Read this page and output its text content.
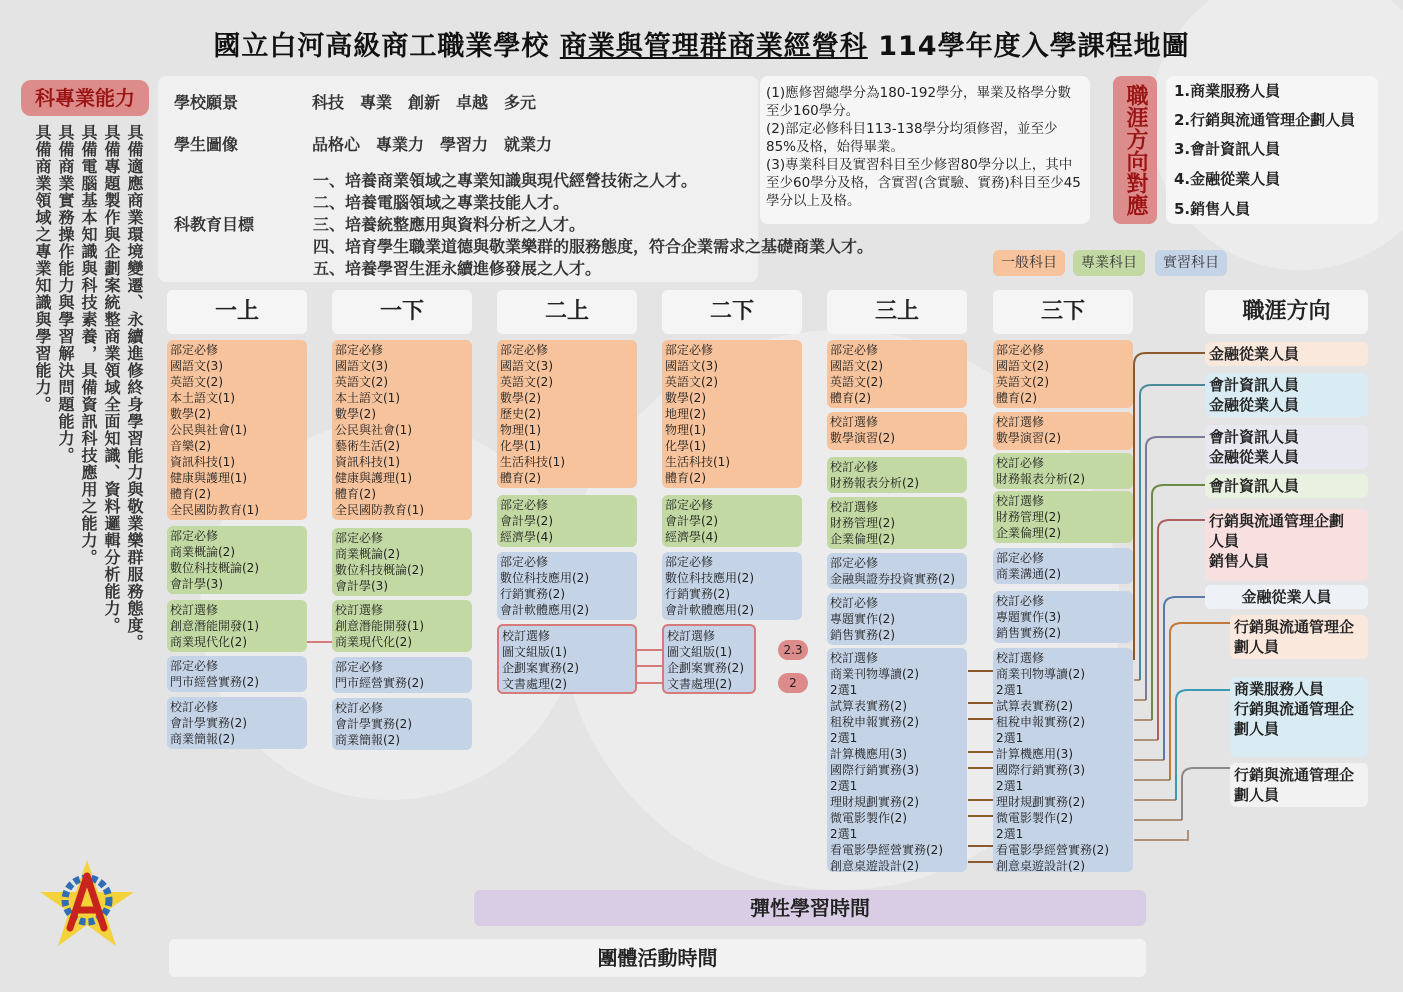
國立白河高級商工職業學校 商業與管理群商業經營科 114學年度入學課程地圖
科專業能力
具備適應商業環境變遷、永續進修終身學習能力與敬業樂群服務態度。
具備專題製作與企劃案統整商業領域全面知識、資料邏輯分析能力。
具備電腦基本知識與科技素養，具備資訊科技應用之能力。
具備商業實務操作能力與學習解決問題能力。
具備商業領域之專業知識與學習能力。
學校願景	科技　專業　創新　卓越　多元
學生圖像	品格心　專業力　學習力　就業力
科教育目標
一、培養商業領域之專業知識與現代經營技術之人才。
二、培養電腦領域之專業技能人才。
三、培養統整應用與資料分析之人才。
四、培育學生職業道德與敬業樂群的服務態度，符合企業需求之基礎商業人才。
五、培養學習生涯永續進修發展之人才。
(1)應修習總學分為180-192學分，畢業及格學分數至少160學分。
(2)部定必修科目113-138學分均須修習，並至少85%及格，始得畢業。
(3)專業科目及實習科目至少修習80學分以上，其中至少60學分及格，含實習(含實驗、實務)科目至少45學分以上及格。	職涯方向對應	1.商業服務人員
2.行銷與流通管理企劃人員
3.會計資訊人員
4.金融從業人員
5.銷售人員
一般科目	專業科目	實習科目
一上	一下	二上	二下	三上	三下	職涯方向
部定必修
國語文(3)
英語文(2)
本土語文(1)
數學(2)
公民與社會(1)
音樂(2)
資訊科技(1)
健康與護理(1)
體育(2)
全民國防教育(1)
部定必修
商業概論(2)
數位科技概論(2)
會計學(3)
校訂選修
創意潛能開發(1)
商業現代化(2)
部定必修
門市經營實務(2)
校訂必修
會計學實務(2)
商業簡報(2)
部定必修
國語文(3)
英語文(2)
本土語文(1)
數學(2)
公民與社會(1)
藝術生活(2)
資訊科技(1)
健康與護理(1)
體育(2)
全民國防教育(1)
部定必修
商業概論(2)
數位科技概論(2)
會計學(3)
校訂選修
創意潛能開發(1)
商業現代化(2)
部定必修
門市經營實務(2)
校訂必修
會計學實務(2)
商業簡報(2)
部定必修
國語文(3)
英語文(2)
數學(2)
歷史(2)
物理(1)
化學(1)
生活科技(1)
體育(2)
部定必修
會計學(2)
經濟學(4)
部定必修
數位科技應用(2)
行銷實務(2)
會計軟體應用(2)
校訂選修
圖文組版(1)
企劃案實務(2)
文書處理(2)
部定必修
國語文(3)
英語文(2)
數學(2)
地理(2)
物理(1)
化學(1)
生活科技(1)
體育(2)
部定必修
會計學(2)
經濟學(4)
部定必修
數位科技應用(2)
行銷實務(2)
會計軟體應用(2)
校訂選修
圖文組版(1)
企劃案實務(2)
文書處理(2)
2.3
2
部定必修
國語文(2)
英語文(2)
體育(2)
校訂選修
數學演習(2)
校訂必修
財務報表分析(2)
校訂選修
財務管理(2)
企業倫理(2)
部定必修
金融與證券投資實務(2)
校訂必修
專題實作(2)
銷售實務(2)
校訂選修
商業刊物導讀(2)
2選1
試算表實務(2)
租稅申報實務(2)
2選1
計算機應用(3)
國際行銷實務(3)
2選1
理財規劃實務(2)
微電影製作(2)
2選1
看電影學經營實務(2)
創意桌遊設計(2)
部定必修
國語文(2)
英語文(2)
體育(2)
校訂選修
數學演習(2)
校訂必修
財務報表分析(2)
校訂選修
財務管理(2)
企業倫理(2)
部定必修
商業溝通(2)
校訂必修
專題實作(3)
銷售實務(2)
校訂選修
商業刊物導讀(2)
2選1
試算表實務(2)
租稅申報實務(2)
2選1
計算機應用(3)
國際行銷實務(3)
2選1
理財規劃實務(2)
微電影製作(2)
2選1
看電影學經營實務(2)
創意桌遊設計(2)
金融從業人員
會計資訊人員
金融從業人員
會計資訊人員
金融從業人員
會計資訊人員
行銷與流通管理企劃
人員
銷售人員
金融從業人員
行銷與流通管理企
劃人員
商業服務人員
行銷與流通管理企
劃人員
行銷與流通管理企
劃人員
彈性學習時間
團體活動時間
